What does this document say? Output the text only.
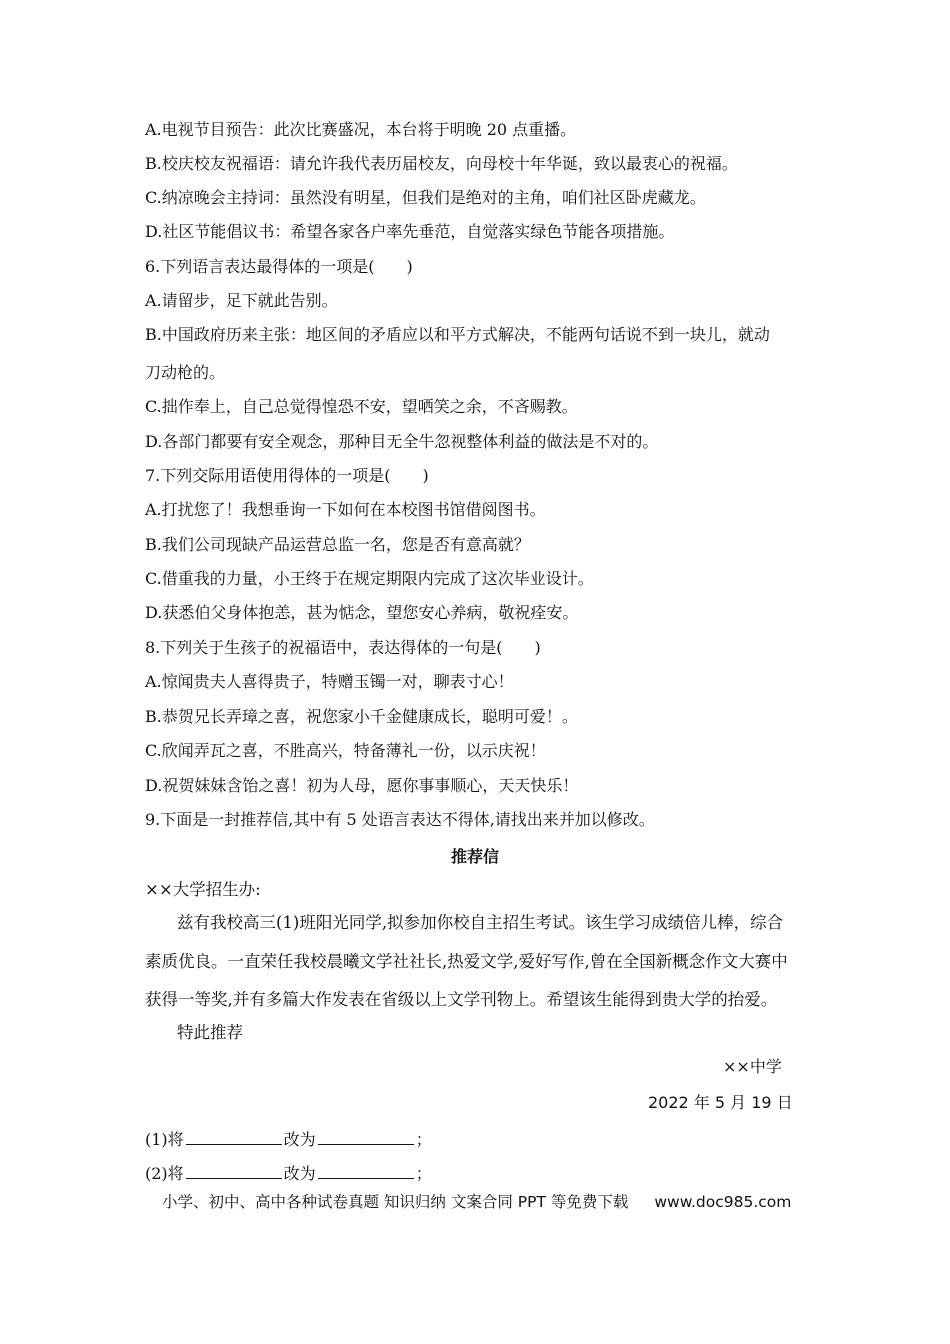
A.电视节目预告：此次比赛盛况，本台将于明晚 20 点重播。
B.校庆校友祝福语：请允许我代表历届校友，向母校十年华诞，致以最衷心的祝福。
C.纳凉晚会主持词：虽然没有明星，但我们是绝对的主角，咱们社区卧虎藏龙。
D.社区节能倡议书：希望各家各户率先垂范，自觉落实绿色节能各项措施。
6.下列语言表达最得体的一项是(　　)
A.请留步，足下就此告别。
B.中国政府历来主张：地区间的矛盾应以和平方式解决，不能两句话说不到一块儿，就动
刀动枪的。
C.拙作奉上，自己总觉得惶恐不安，望哂笑之余，不吝赐教。
D.各部门都要有安全观念，那种目无全牛忽视整体利益的做法是不对的。
7.下列交际用语使用得体的一项是(　　)
A.打扰您了！我想垂询一下如何在本校图书馆借阅图书。
B.我们公司现缺产品运营总监一名，您是否有意高就？
C.借重我的力量，小王终于在规定期限内完成了这次毕业设计。
D.获悉伯父身体抱恙，甚为惦念，望您安心养病，敬祝痊安。
8.下列关于生孩子的祝福语中，表达得体的一句是(　　)
A.惊闻贵夫人喜得贵子，特赠玉镯一对，聊表寸心！
B.恭贺兄长弄璋之喜，祝您家小千金健康成长，聪明可爱！。
C.欣闻弄瓦之喜，不胜高兴，特备薄礼一份，以示庆祝！
D.祝贺妹妹含饴之喜！初为人母，愿你事事顺心，天天快乐！
9.下面是一封推荐信,其中有 5 处语言表达不得体,请找出来并加以修改。
推荐信
××大学招生办:
兹有我校高三(1)班阳光同学,拟参加你校自主招生考试。该生学习成绩倍儿棒，综合
素质优良。一直荣任我校晨曦文学社社长,热爱文学,爱好写作,曾在全国新概念作文大赛中
获得一等奖,并有多篇大作发表在省级以上文学刊物上。希望该生能得到贵大学的抬爱。
特此推荐
××中学
2022 年 5 月 19 日
(1)将	改为	；
(2)将	改为	；
小学、初中、高中各种试卷真题 知识归纳 文案合同 PPT 等免费下载 www.doc985.com
